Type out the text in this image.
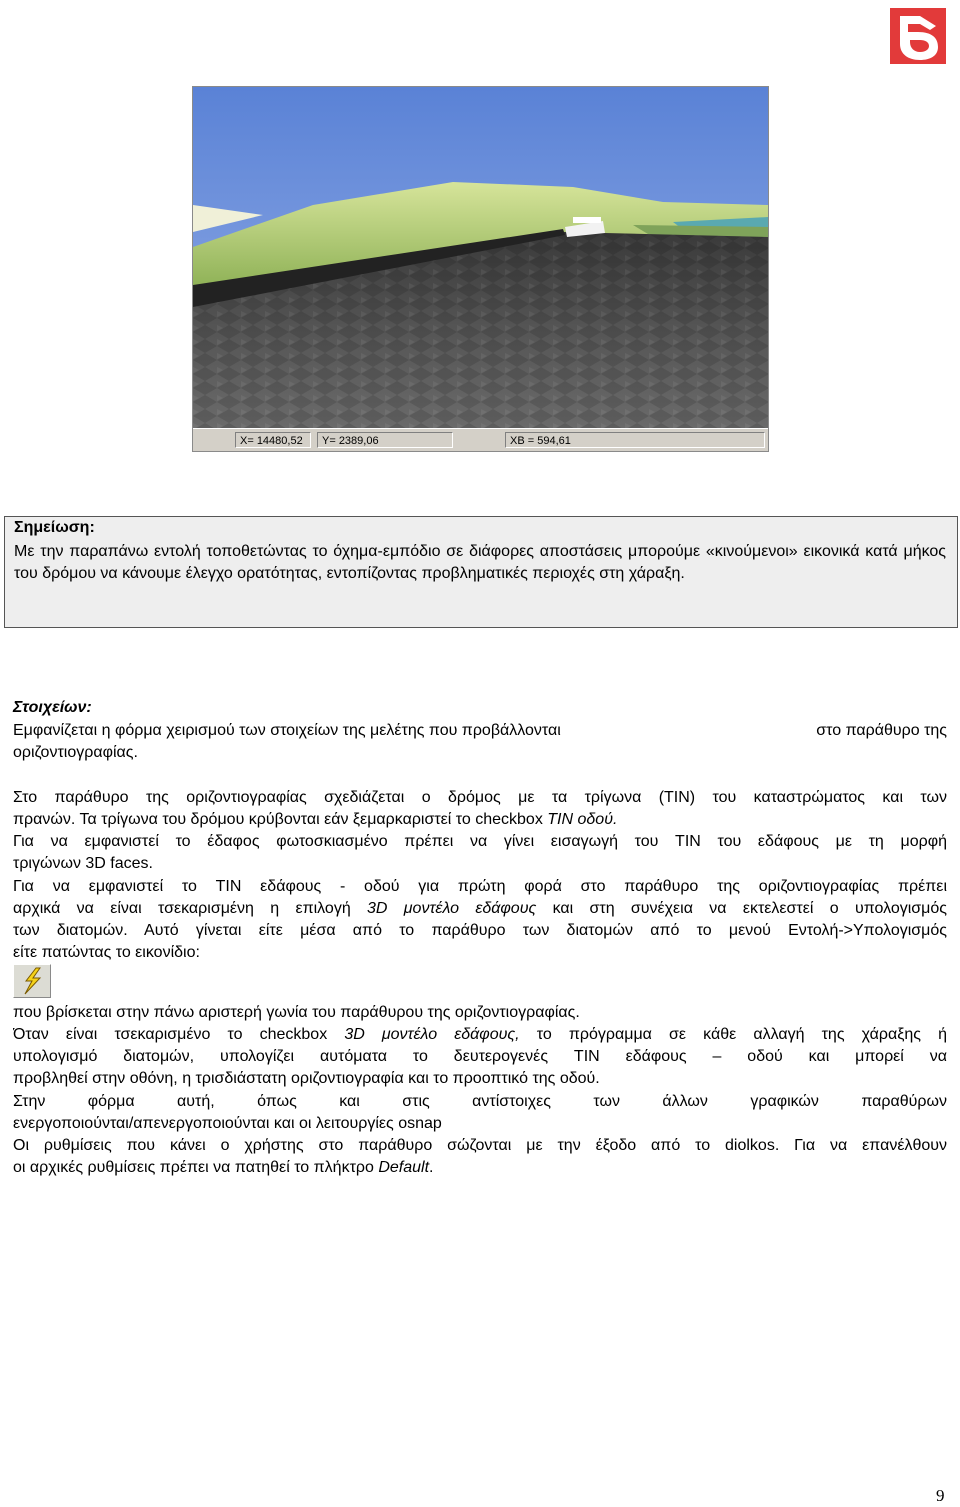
X= 14480,52	Y= 2389,06	XB = 594,61
Σημείωση:
Με την παραπάνω εντολή τοποθετώντας το όχημα-εμπόδιο σε διάφορες αποστάσεις μπορούμε «κινούμενοι» εικονικά κατά μήκος του δρόμου να κάνουμε έλεγχο ορατότητας, εντοπίζοντας προβληματικές περιοχές στη χάραξη.
Στοιχείων:
Εμφανίζεται η φόρμα χειρισμού των στοιχείων της μελέτης που προβάλλονται	στο παράθυρο της
οριζοντιογραφίας.
Στο παράθυρο της οριζοντιογραφίας σχεδιάζεται ο δρόμος με τα τρίγωνα (TIN) του καταστρώματος και των
πρανών. Τα τρίγωνα του δρόμου κρύβονται εάν ξεμαρκαριστεί το checkbox TIN οδού.
Για να εμφανιστεί το έδαφος φωτοσκιασμένο πρέπει να γίνει εισαγωγή του TIN του εδάφους με τη μορφή
τριγώνων 3D faces.
Για να εμφανιστεί το TIN εδάφους - οδού για πρώτη φορά στο παράθυρο της οριζοντιογραφίας πρέπει
αρχικά να είναι τσεκαρισμένη η επιλογή 3D μοντέλο εδάφους και στη συνέχεια να εκτελεστεί ο υπολογισμός
των διατομών. Αυτό γίνεται είτε μέσα από το παράθυρο των διατομών από το μενού Εντολή->Υπολογισμός
είτε πατώντας το εικονίδιο:
που βρίσκεται στην πάνω αριστερή γωνία του παράθυρου της οριζοντιογραφίας.
Όταν είναι τσεκαρισμένο το checkbox 3D μοντέλο εδάφους, το πρόγραμμα σε κάθε αλλαγή της χάραξης ή
υπολογισμό διατομών, υπολογίζει αυτόματα το δευτερογενές TIN εδάφους – οδού και μπορεί να
προβληθεί στην οθόνη, η τρισδιάστατη οριζοντιογραφία και το προοπτικό της οδού.
Στην φόρμα αυτή, όπως και στις αντίστοιχες των άλλων γραφικών παραθύρων
ενεργοποιούνται/απενεργοποιούνται και οι λειτουργίες osnap
Οι ρυθμίσεις που κάνει ο χρήστης στο παράθυρο σώζονται με την έξοδο από το diolkos. Για να επανέλθουν
οι αρχικές ρυθμίσεις πρέπει να πατηθεί το πλήκτρο Default.
9
